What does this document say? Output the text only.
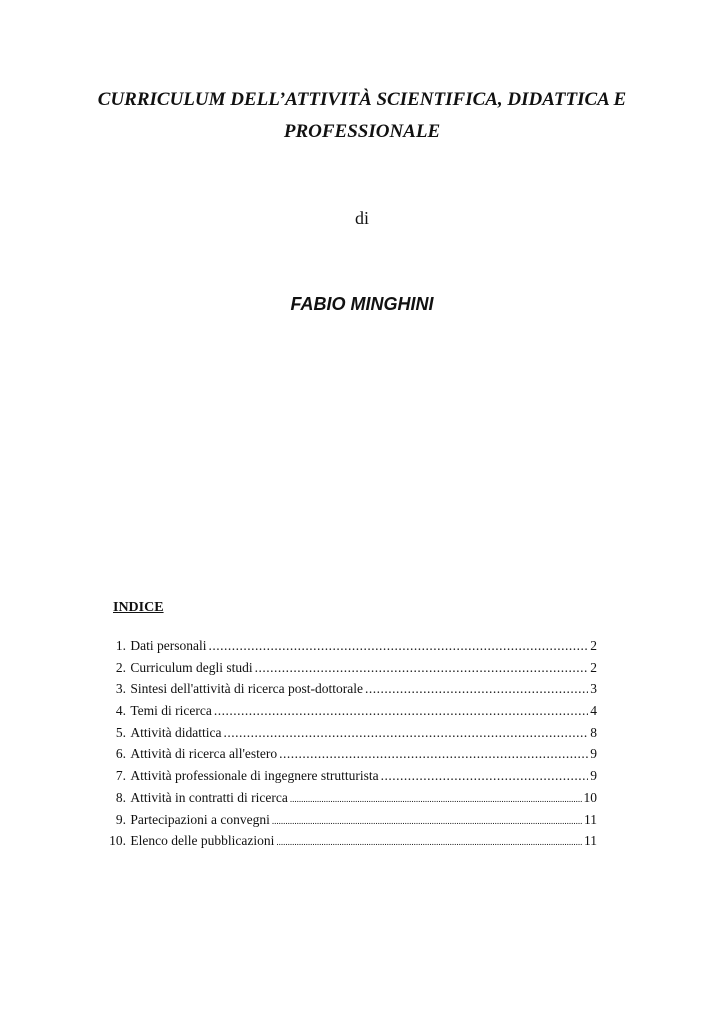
CURRICULUM DELL’ATTIVITÀ SCIENTIFICA, DIDATTICA E
PROFESSIONALE
di
FABIO MINGHINI
INDICE
1.
Dati personali .....	2
2.
Curriculum degli studi .....	2
3.
Sintesi dell'attività di ricerca post-dottorale .....	3
4.
Temi di ricerca .....	4
5.
Attività didattica .....	8
6.
Attività di ricerca all'estero .....	9
7.
Attività professionale di ingegnere strutturista .....	9
8.
Attività in contratti di ricerca .....	10
9.
Partecipazioni a convegni .....	11
10.
Elenco delle pubblicazioni .....	11
